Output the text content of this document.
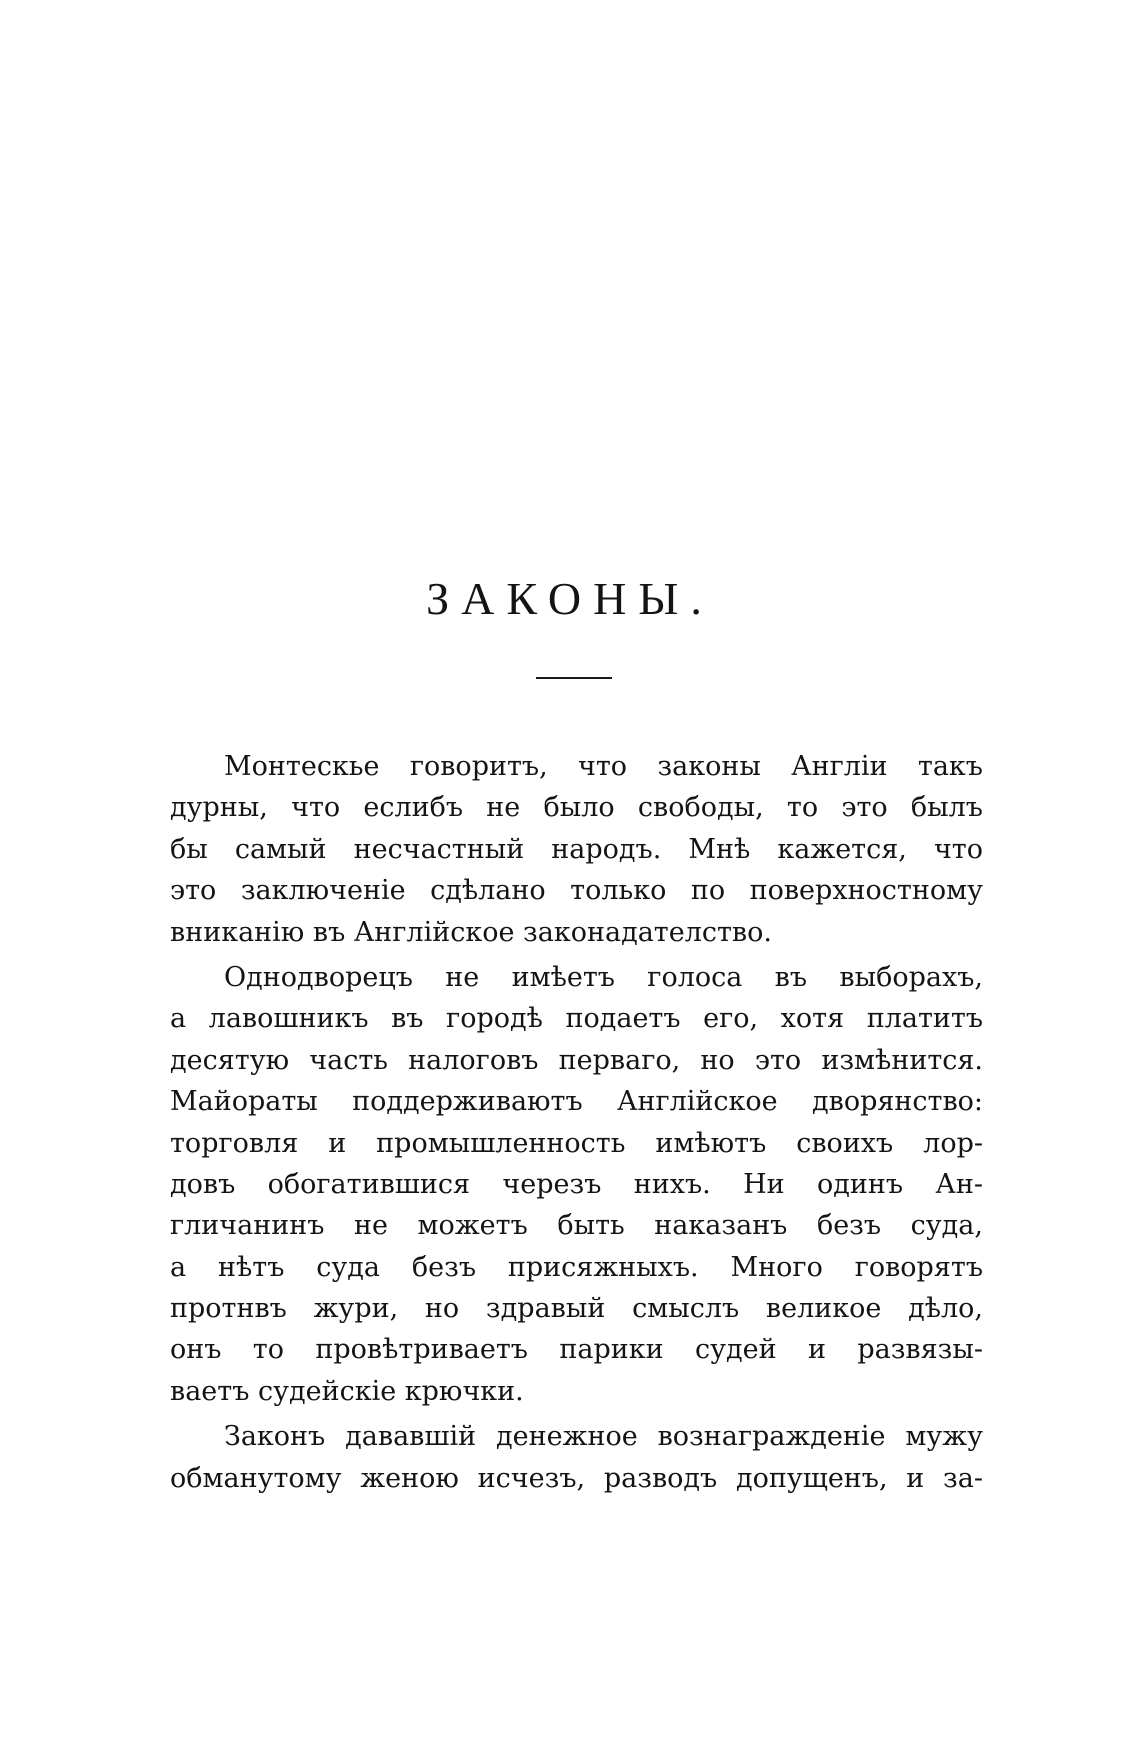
ЗАКОНЫ.
Монтескье говоритъ, что законы Англіи такъ
дурны, что еслибъ не было свободы, то это былъ
бы самый несчастный народъ. Мнѣ кажется, что
это заключеніе сдѣлано только по поверхностному
вниканію въ Англійское законадателство.
Однодворецъ не имѣетъ голоса въ выборахъ,
а лавошникъ въ городѣ подаетъ его, хотя платитъ
десятую часть налоговъ перваго, но это измѣнится.
Майораты поддерживаютъ Англійское дворянство:
торговля и промышленность имѣютъ своихъ лор-
довъ обогатившися черезъ нихъ. Ни одинъ Ан-
гличанинъ не можетъ быть наказанъ безъ суда,
а нѣтъ суда безъ присяжныхъ. Много говорятъ
протнвъ жури, но здравый смыслъ великое дѣло,
онъ то провѣтриваетъ парики судей и развязы-
ваетъ судейскіе крючки.
Законъ дававшій денежное вознагражденіе мужу
обманутому женою исчезъ, разводъ допущенъ, и за-
